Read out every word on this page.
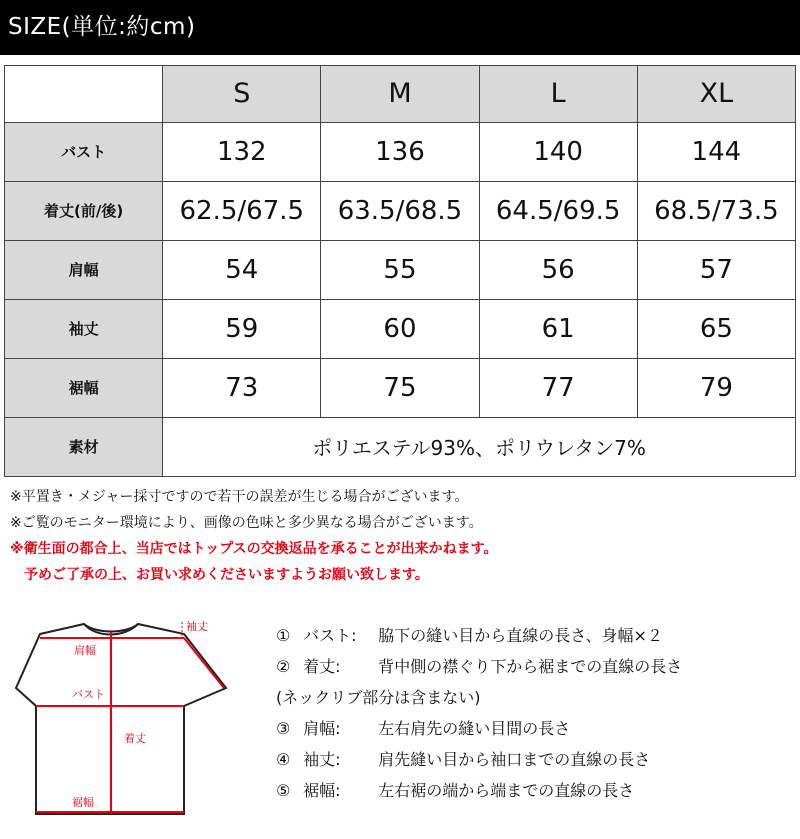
SIZE(単位:約cm)
	S	M	L	XL
バスト	132	136	140	144
着丈(前/後)	62.5/67.5	63.5/68.5	64.5/69.5	68.5/73.5
肩幅	54	55	56	57
袖丈	59	60	61	65
裾幅	73	75	77	79
素材	ポリエステル93%、ポリウレタン7%			
※平置き・メジャー採寸ですので若干の誤差が生じる場合がございます。
※ご覧のモニター環境により、画像の色味と多少異なる場合がございます。
※衛生面の都合上、当店ではトップスの交換返品を承ることが出来かねます。
予めご了承の上、お買い求めくださいますようお願い致します。
袖丈
肩幅
バスト
着丈
裾幅
① バスト: 脇下の縫い目から直線の長さ、身幅×２
② 着丈: 背中側の襟ぐり下から裾までの直線の長さ
(ネックリブ部分は含まない)
③ 肩幅: 左右肩先の縫い目間の長さ
④ 袖丈: 肩先縫い目から袖口までの直線の長さ
⑤ 裾幅: 左右裾の端から端までの直線の長さ
